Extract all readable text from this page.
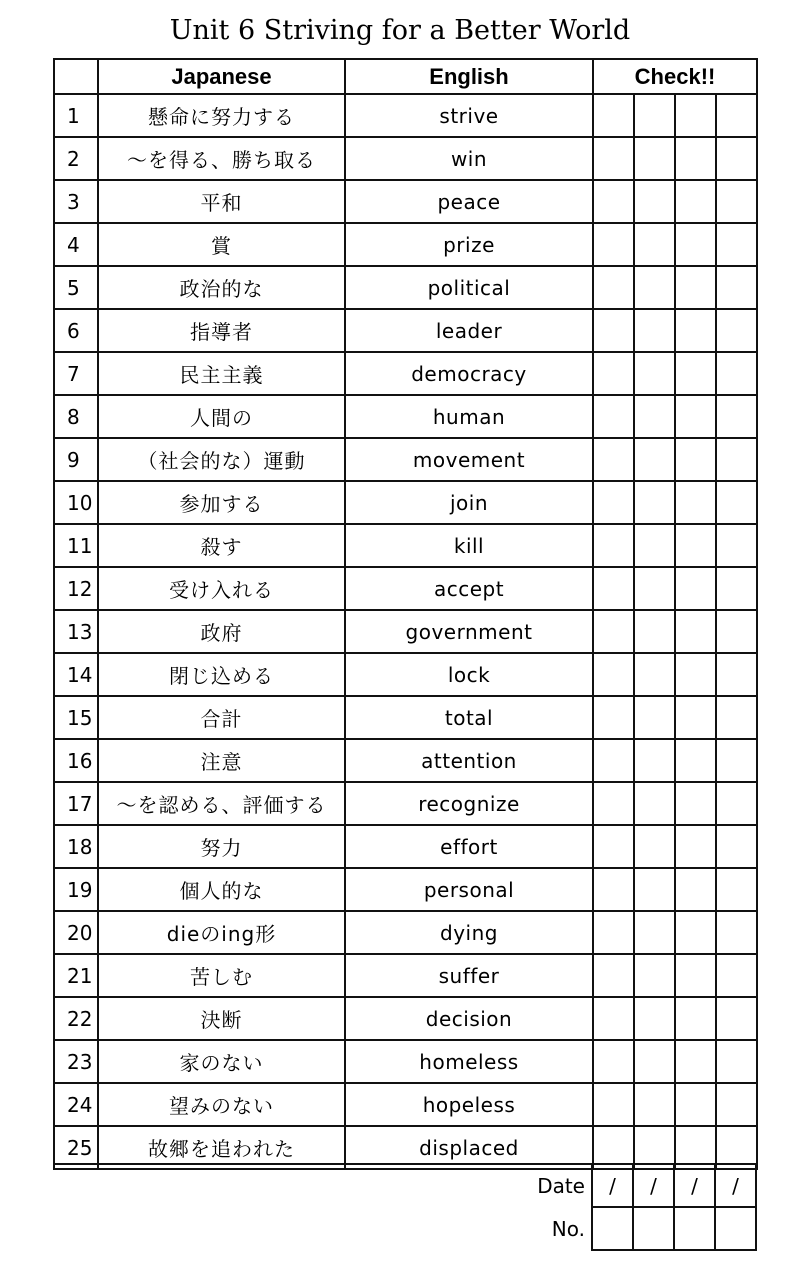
Unit 6 Striving for a Better World
	Japanese	English	Check!!			
1	懸命に努力する	strive				
2	～を得る、勝ち取る	win				
3	平和	peace				
4	賞	prize				
5	政治的な	political				
6	指導者	leader				
7	民主主義	democracy				
8	人間の	human				
9	（社会的な）運動	movement				
10	参加する	join				
11	殺す	kill				
12	受け入れる	accept				
13	政府	government				
14	閉じ込める	lock				
15	合計	total				
16	注意	attention				
17	～を認める、評価する	recognize				
18	努力	effort				
19	個人的な	personal				
20	dieのing形	dying				
21	苦しむ	suffer				
22	決断	decision				
23	家のない	homeless				
24	望みのない	hopeless				
25	故郷を追われた	displaced				
Date	/	/	/	/
No.				
